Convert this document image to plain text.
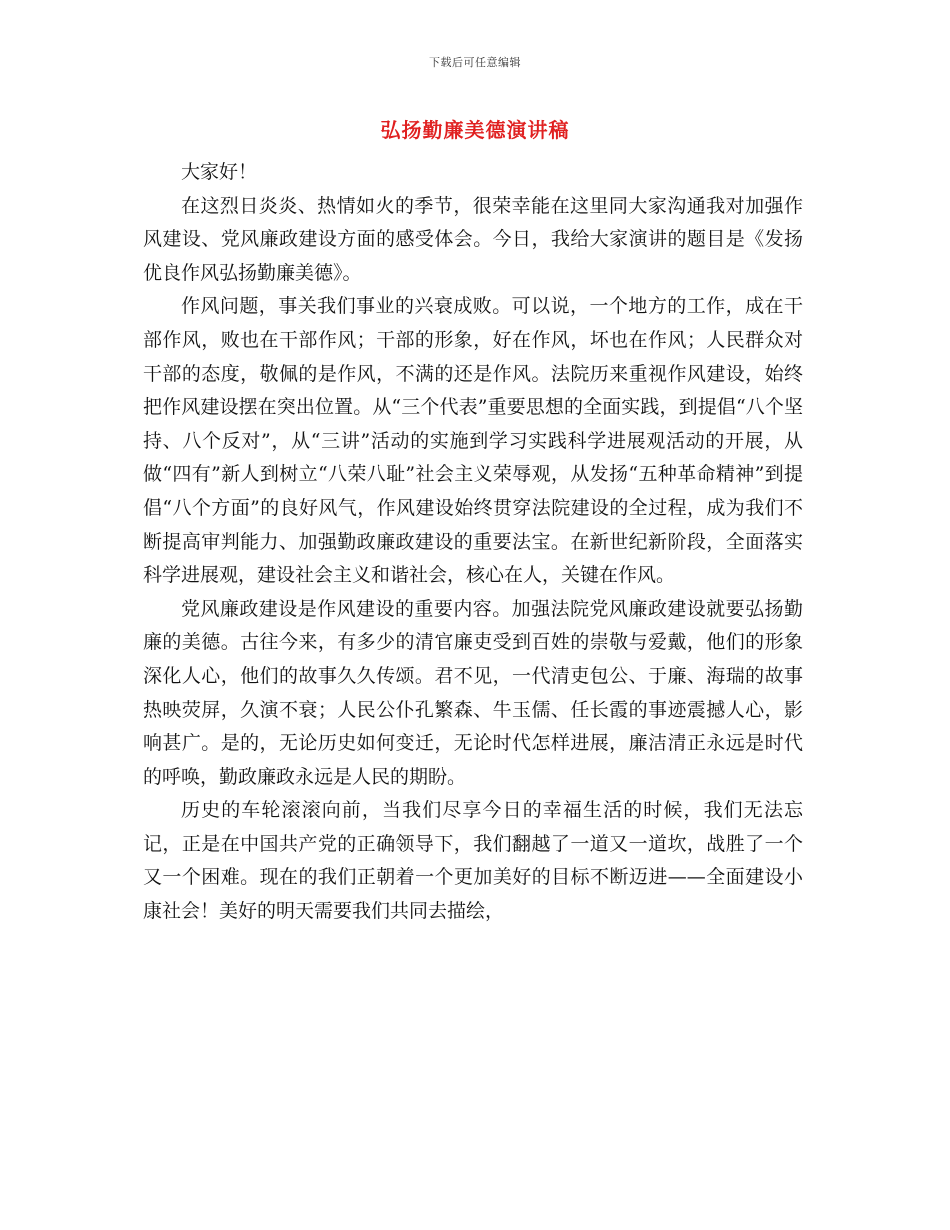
下载后可任意编辑
弘扬勤廉美德演讲稿

大家好！

在这烈日炎炎、热情如火的季节，很荣幸能在这里同大家沟通我对加强作风建设、党风廉政建设方面的感受体会。今日，我给大家演讲的题目是《发扬优良作风弘扬勤廉美德》。

作风问题，事关我们事业的兴衰成败。可以说，一个地方的工作，成在干部作风，败也在干部作风；干部的形象，好在作风，坏也在作风；人民群众对干部的态度，敬佩的是作风，不满的还是作风。法院历来重视作风建设，始终把作风建设摆在突出位置。从“三个代表”重要思想的全面实践，到提倡“八个坚持、八个反对”，从“三讲”活动的实施到学习实践科学进展观活动的开展，从做“四有”新人到树立“八荣八耻”社会主义荣辱观，从发扬“五种革命精神”到提倡“八个方面”的良好风气，作风建设始终贯穿法院建设的全过程，成为我们不断提高审判能力、加强勤政廉政建设的重要法宝。在新世纪新阶段，全面落实科学进展观，建设社会主义和谐社会，核心在人，关键在作风。

党风廉政建设是作风建设的重要内容。加强法院党风廉政建设就要弘扬勤廉的美德。古往今来，有多少的清官廉吏受到百姓的崇敬与爱戴，他们的形象深化人心，他们的故事久久传颂。君不见，一代清吏包公、于廉、海瑞的故事热映荧屏，久演不衰；人民公仆孔繁森、牛玉儒、任长霞的事迹震撼人心，影响甚广。是的，无论历史如何变迁，无论时代怎样进展，廉洁清正永远是时代的呼唤，勤政廉政永远是人民的期盼。

历史的车轮滚滚向前，当我们尽享今日的幸福生活的时候，我们无法忘记，正是在中国共产党的正确领导下，我们翻越了一道又一道坎，战胜了一个又一个困难。现在的我们正朝着一个更加美好的目标不断迈进——全面建设小康社会！美好的明天需要我们共同去描绘，
